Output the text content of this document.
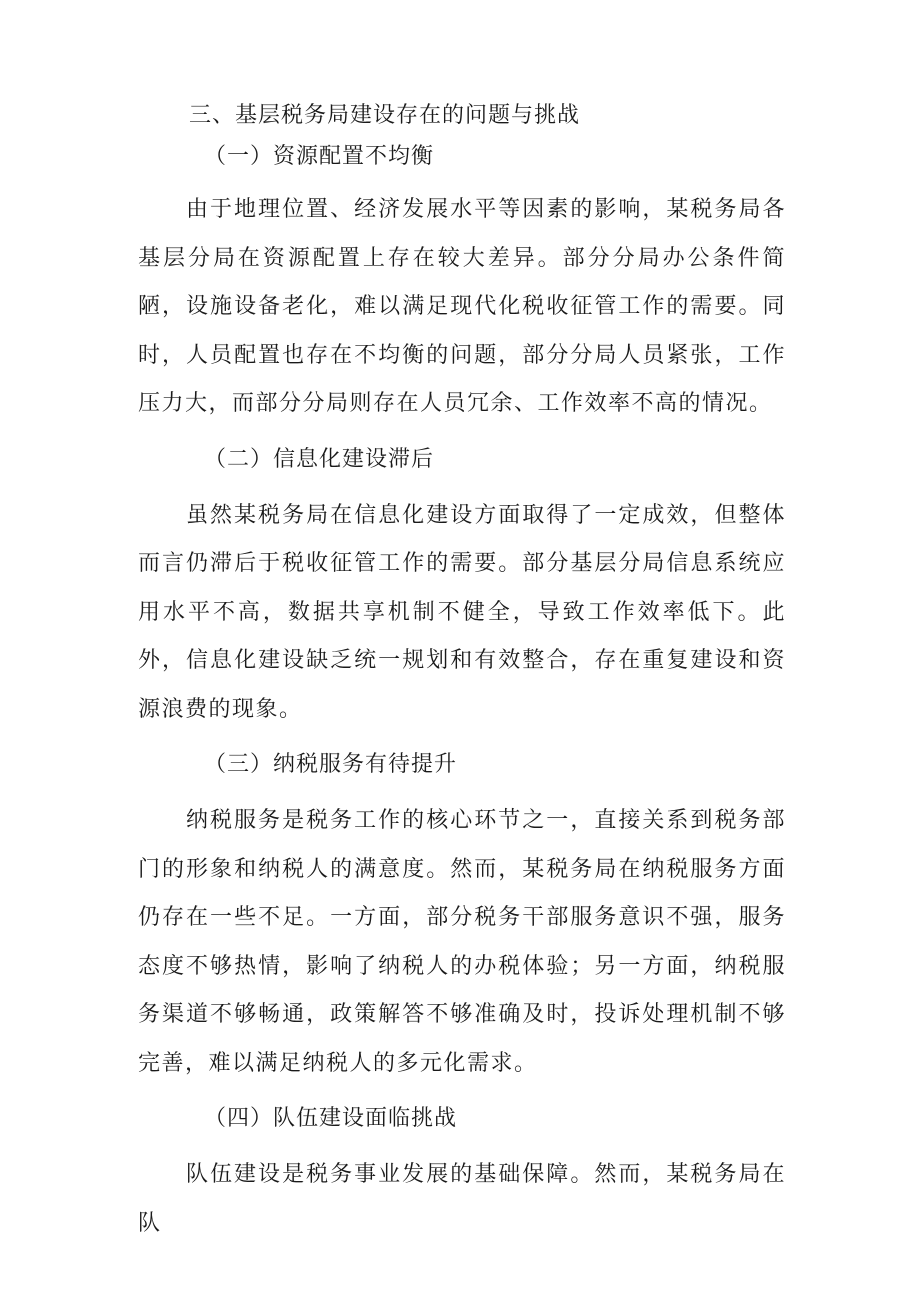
三、基层税务局建设存在的问题与挑战
（一）资源配置不均衡

由于地理位置、经济发展水平等因素的影响，某税务局各基层分局在资源配置上存在较大差异。部分分局办公条件简陋，设施设备老化，难以满足现代化税收征管工作的需要。同时，人员配置也存在不均衡的问题，部分分局人员紧张，工作压力大，而部分分局则存在人员冗余、工作效率不高的情况。

（二）信息化建设滞后

虽然某税务局在信息化建设方面取得了一定成效，但整体而言仍滞后于税收征管工作的需要。部分基层分局信息系统应用水平不高，数据共享机制不健全，导致工作效率低下。此外，信息化建设缺乏统一规划和有效整合，存在重复建设和资源浪费的现象。

（三）纳税服务有待提升

纳税服务是税务工作的核心环节之一，直接关系到税务部门的形象和纳税人的满意度。然而，某税务局在纳税服务方面仍存在一些不足。一方面，部分税务干部服务意识不强，服务态度不够热情，影响了纳税人的办税体验；另一方面，纳税服务渠道不够畅通，政策解答不够准确及时，投诉处理机制不够完善，难以满足纳税人的多元化需求。

（四）队伍建设面临挑战

队伍建设是税务事业发展的基础保障。然而，某税务局在队
